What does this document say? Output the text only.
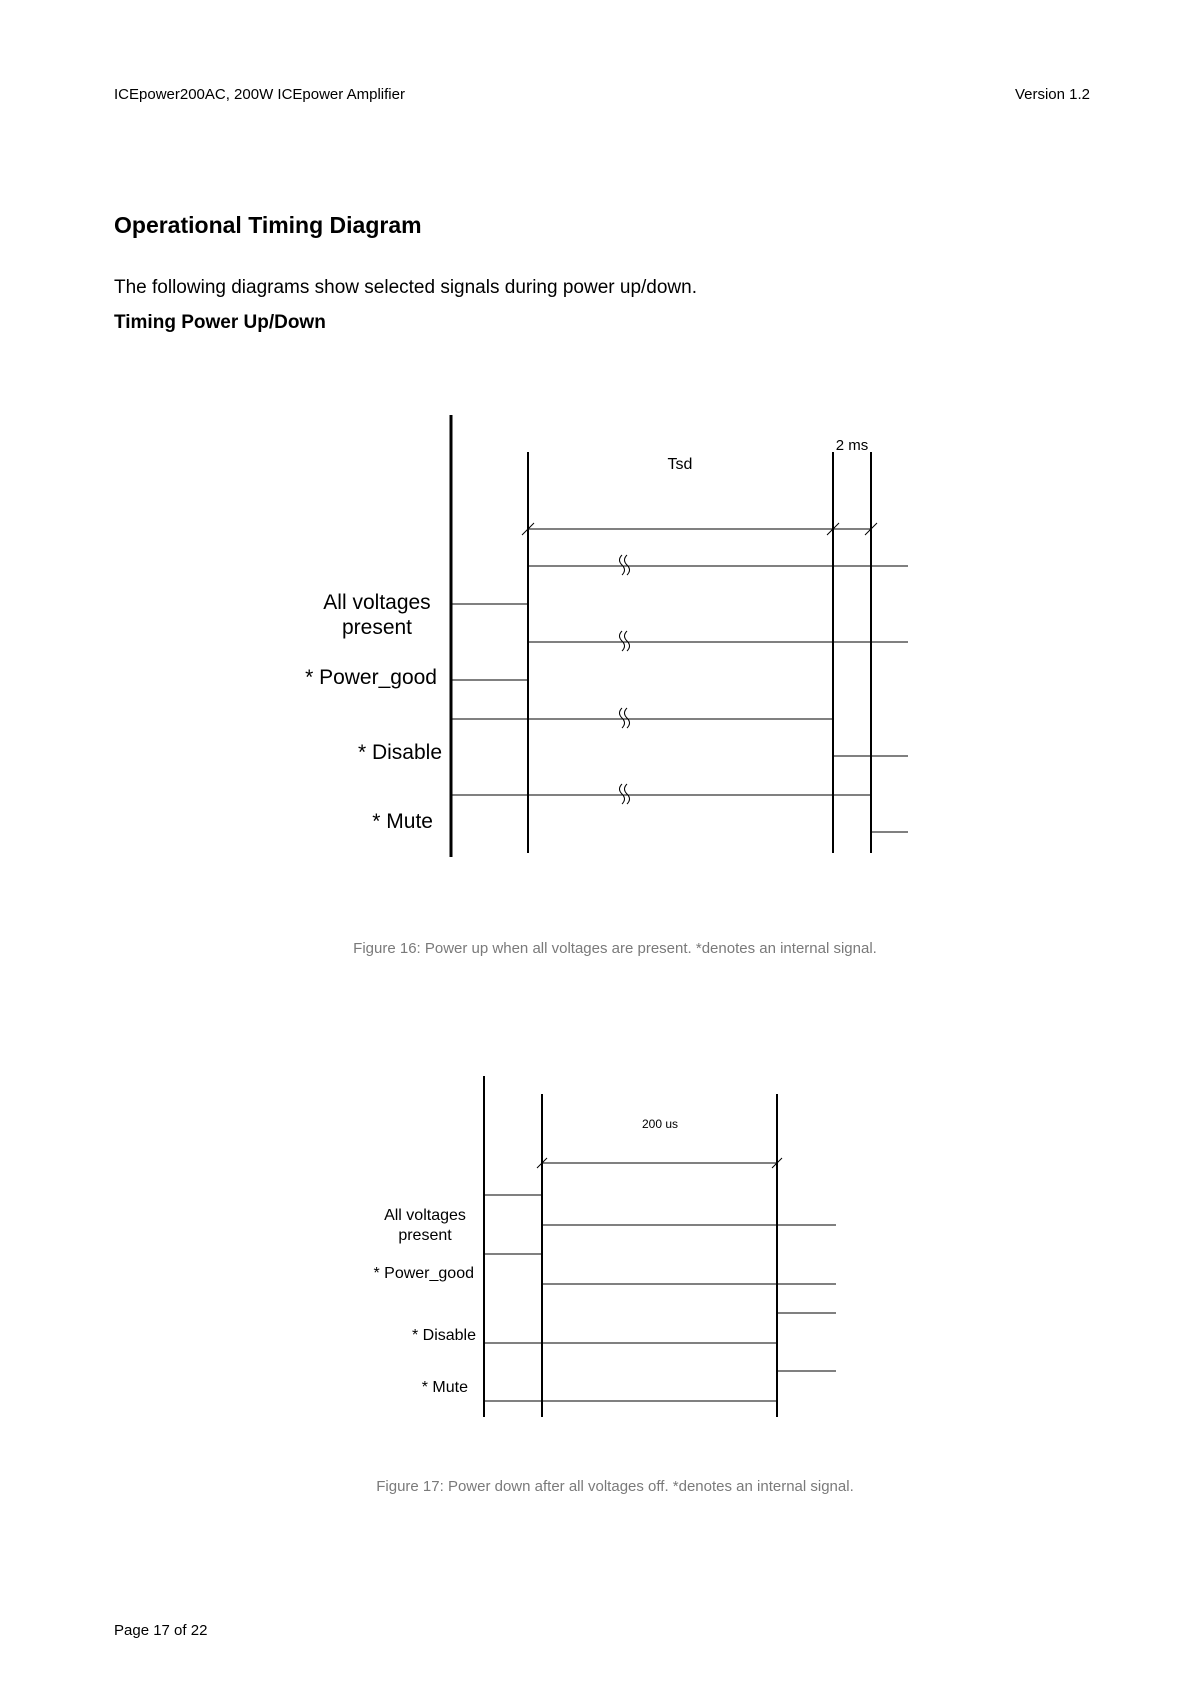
ICEpower200AC, 200W ICEpower Amplifier	Version 1.2
Operational Timing Diagram
The following diagrams show selected signals during power up/down.
Timing Power Up/Down
Tsd
2 ms
All voltages
present
* Power_good
* Disable
* Mute
200 us
All voltages
present
* Power_good
* Disable
* Mute
Figure 16: Power up when all voltages are present. *denotes an internal signal.
Figure 17: Power down after all voltages off. *denotes an internal signal.
Page 17 of 22
